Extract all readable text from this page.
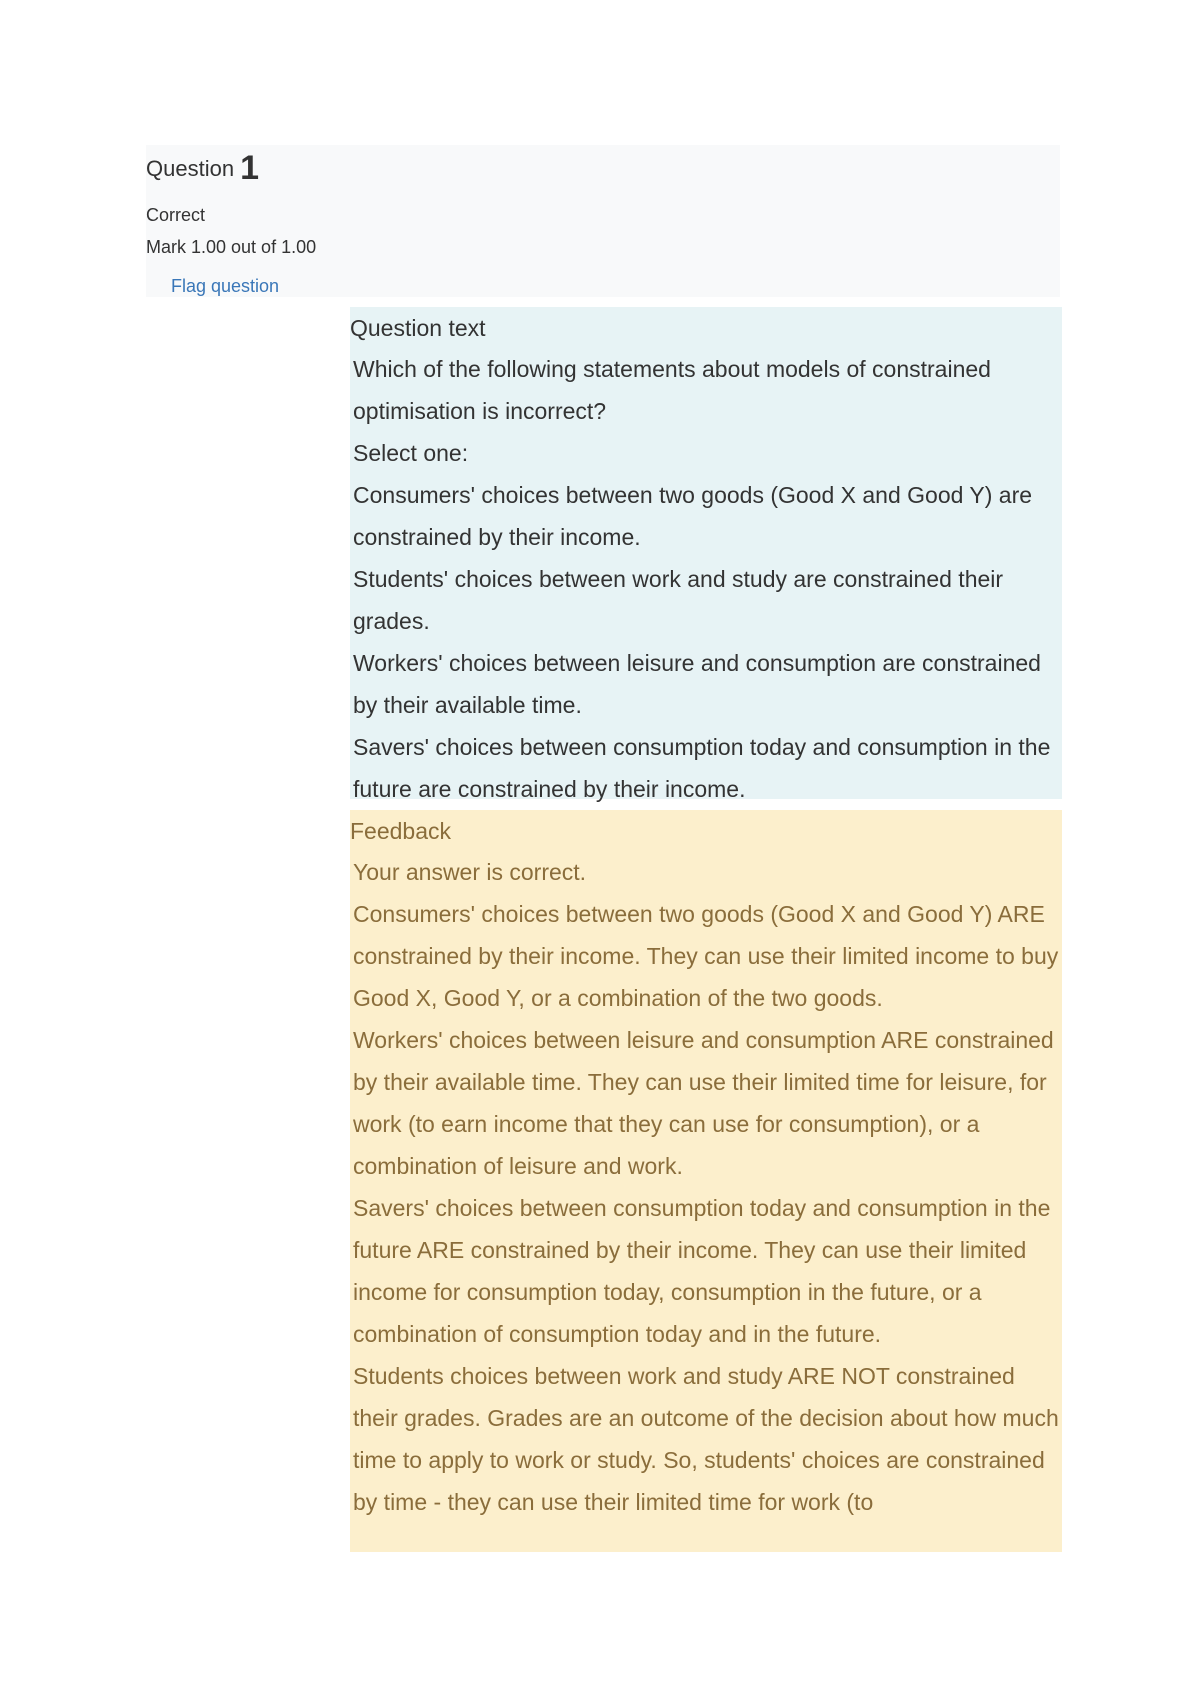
Question 1
Correct
Mark 1.00 out of 1.00
Flag question
Question text

Which of the following statements about models of constrained optimisation is incorrect?

Select one:

Consumers' choices between two goods (Good X and Good Y) are constrained by their income.

Students' choices between work and study are constrained their grades.

Workers' choices between leisure and consumption are constrained by their available time.

Savers' choices between consumption today and consumption in the future are constrained by their income.

Feedback

Your answer is correct.

Consumers' choices between two goods (Good X and Good Y) ARE constrained by their income. They can use their limited income to buy Good X, Good Y, or a combination of the two goods.

Workers' choices between leisure and consumption ARE constrained by their available time. They can use their limited time for leisure, for work (to earn income that they can use for consumption), or a combination of leisure and work.

Savers' choices between consumption today and consumption in the future ARE constrained by their income. They can use their limited income for consumption today, consumption in the future, or a combination of consumption today and in the future.

Students choices between work and study ARE NOT constrained their grades. Grades are an outcome of the decision about how much time to apply to work or study. So, students' choices are constrained by time - they can use their limited time for work (to
